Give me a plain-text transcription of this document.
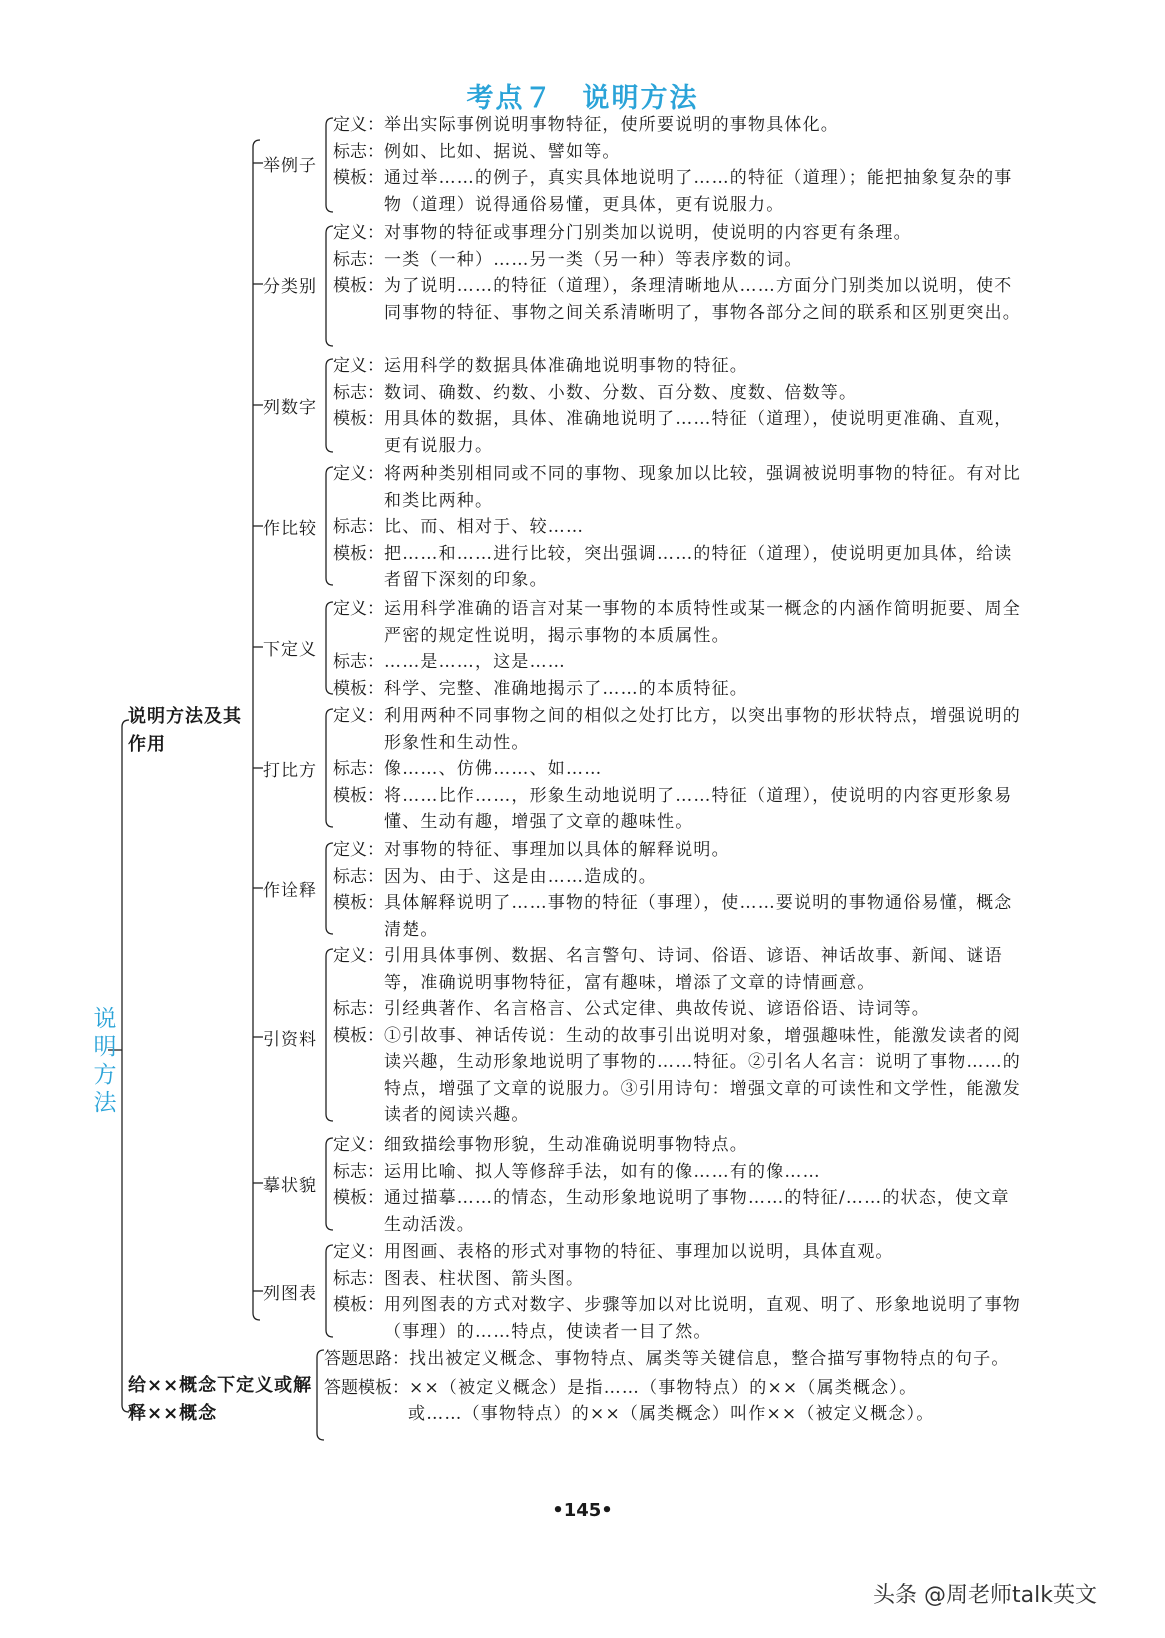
考点７　说明方法
说明方法
说明方法及其作用
举例子
定义： 举出实际事例说明事物特征，使所要说明的事物具体化。
标志： 例如、比如、据说、譬如等。
模板： 通过举……的例子，真实具体地说明了……的特征（道理）；能把抽象复杂的事物（道理）说得通俗易懂，更具体，更有说服力。
分类别
定义： 对事物的特征或事理分门别类加以说明，使说明的内容更有条理。
标志： 一类（一种）……另一类（另一种）等表序数的词。
模板： 为了说明……的特征（道理），条理清晰地从……方面分门别类加以说明，使不同事物的特征、事物之间关系清晰明了，事物各部分之间的联系和区别更突出。
列数字
定义： 运用科学的数据具体准确地说明事物的特征。
标志： 数词、确数、约数、小数、分数、百分数、度数、倍数等。
模板： 用具体的数据，具体、准确地说明了……特征（道理），使说明更准确、直观，更有说服力。
作比较
定义： 将两种类别相同或不同的事物、现象加以比较，强调被说明事物的特征。有对比和类比两种。
标志： 比、而、相对于、较……
模板： 把……和……进行比较，突出强调……的特征（道理），使说明更加具体，给读者留下深刻的印象。
下定义
定义： 运用科学准确的语言对某一事物的本质特性或某一概念的内涵作简明扼要、周全严密的规定性说明，揭示事物的本质属性。
标志： ……是……，这是……
模板： 科学、完整、准确地揭示了……的本质特征。
打比方
定义： 利用两种不同事物之间的相似之处打比方，以突出事物的形状特点，增强说明的形象性和生动性。
标志： 像……、仿佛……、如……
模板： 将……比作……，形象生动地说明了……特征（道理），使说明的内容更形象易懂、生动有趣，增强了文章的趣味性。
作诠释
定义： 对事物的特征、事理加以具体的解释说明。
标志： 因为、由于、这是由……造成的。
模板： 具体解释说明了……事物的特征（事理），使……要说明的事物通俗易懂，概念清楚。
引资料
定义： 引用具体事例、数据、名言警句、诗词、俗语、谚语、神话故事、新闻、谜语等，准确说明事物特征，富有趣味，增添了文章的诗情画意。
标志： 引经典著作、名言格言、公式定律、典故传说、谚语俗语、诗词等。
模板： ①引故事、神话传说：生动的故事引出说明对象，增强趣味性，能激发读者的阅读兴趣，生动形象地说明了事物的……特征。②引名人名言：说明了事物……的特点，增强了文章的说服力。③引用诗句：增强文章的可读性和文学性，能激发读者的阅读兴趣。
摹状貌
定义： 细致描绘事物形貌，生动准确说明事物特点。
标志： 运用比喻、拟人等修辞手法，如有的像……有的像……
模板： 通过描摹……的情态，生动形象地说明了事物……的特征/……的状态，使文章生动活泼。
列图表
定义： 用图画、表格的形式对事物的特征、事理加以说明，具体直观。
标志： 图表、柱状图、箭头图。
模板： 用列图表的方式对数字、步骤等加以对比说明，直观、明了、形象地说明了事物（事理）的……特点，使读者一目了然。
给××概念下定义或解释××概念
答题思路： 找出被定义概念、事物特点、属类等关键信息，整合描写事物特点的句子。
答题模板： ××（被定义概念）是指……（事物特点）的××（属类概念）。
或……（事物特点）的××（属类概念）叫作××（被定义概念）。
•145•
头条 @周老师talk英文
